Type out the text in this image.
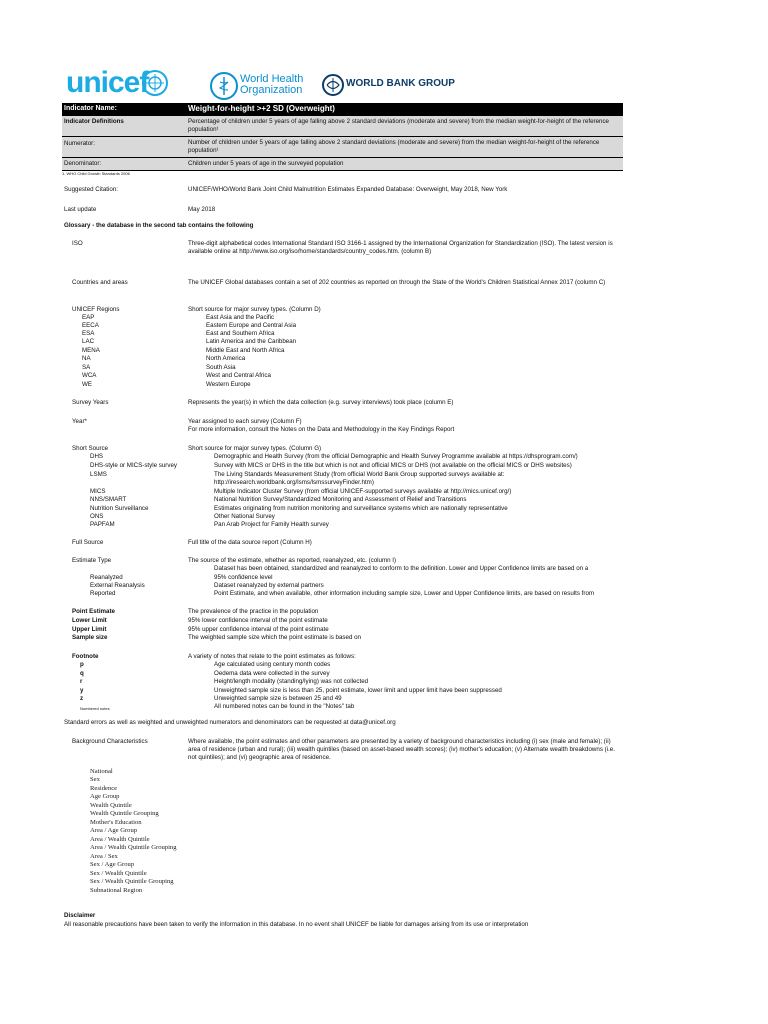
unicef	World Health
Organization
WORLD BANK GROUP
Indicator Name:	Weight-for-height >+2 SD (Overweight)
Indicator Definitions	Percentage of children under 5 years of age falling above 2 standard deviations (moderate and severe) from the median weight-for-height of the reference population¹
Numerator:	Number of children under 5 years of age falling above 2 standard deviations (moderate and severe) from the median weight-for-height of the reference population¹
Denominator:	Children under 5 years of age in the surveyed population
1. WHO Child Growth Standards 2006
Suggested Citation:	UNICEF/WHO/World Bank Joint Child Malnutrition Estimates Expanded Database: Overweight, May 2018, New York
Last update	May 2018
Glossary - the database in the second tab contains the following
ISO	Three-digit alphabetical codes International Standard ISO 3166-1 assigned by the International Organization for Standardization (ISO). The latest version is available online at http://www.iso.org/iso/home/standards/country_codes.htm. (column B)
Countries and areas	The UNICEF Global databases contain a set of 202 countries as reported on through the State of the World's Children Statistical Annex 2017 (column C)
UNICEF Regions	Short source for major survey types. (Column D)
EAP	East Asia and the Pacific
EECA	Eastern Europe and Central Asia
ESA	East and Southern Africa
LAC	Latin America and the Caribbean
MENA	Middle East and North Africa
NA	North America
SA	South Asia
WCA	West and Central Africa
WE	Western Europe
Survey Years	Represents the year(s) in which the data collection (e.g. survey interviews) took place (column E)
Year*	Year assigned to each survey (Column F)
For more information, consult the Notes on the Data and Methodology in the Key Findings Report
Short Source	Short source for major survey types. (Column G)
DHS	Demographic and Health Survey (from the official Demographic and Health Survey Programme available at https://dhsprogram.com/)
DHS-style or MICS-style survey	Survey with MICS or DHS in the title but which is not and official MICS or DHS (not available on the official MICS or DHS websites)
LSMS	The Living Standards Measurement Study (from official World Bank Group supported surveys available at:
http://iresearch.worldbank.org/lsms/lsmssurveyFinder.htm)
MICS	Multiple Indicator Cluster Survey (from official UNICEF-supported surveys available at http://mics.unicef.org/)
NNS/SMART	National Nutrition Survey/Standardized Monitoring and Assessment of Relief and Transitions
Nutrition Surveillance	Estimates originating from nutrition monitoring and surveillance systems which are nationally representative
ONS	Other National Survey
PAPFAM	Pan Arab Project for Family Health survey
Full Source	Full title of the data source report (Column H)
Estimate Type	The source of the estimate, whether as reported, reanalyzed, etc. (column I)
Dataset has been obtained, standardized and reanalyzed to conform to the definition. Lower and Upper Confidence limits are based on a
Reanalyzed	95% confidence level
External Reanalysis	Dataset reanalyzed by external partners
Reported	Point Estimate, and when available, other information including sample size, Lower and Upper Confidence limits, are based on results from
Point Estimate	The prevalence of the practice in the population
Lower Limit	95% lower confidence interval of the point estimate
Upper Limit	95% upper confidence interval of the point estimate
Sample size	The weighted sample size which the point estimate is based on
Footnote	A variety of notes that relate to the point estimates as follows:
p	Age calculated using century month codes
q	Oedema data were collected in the survey
r	Height/length modality (standing/lying) was not collected
y	Unweighted sample size is less than 25, point estimate, lower limit and upper limit have been suppressed
z	Unweighted sample size is between 25 and 49
Numbered notes	All numbered notes can be found in the "Notes" tab
Standard errors as well as weighted and unweighted numerators and denominators can be requested at data@unicef.org
Background Characteristics	Where available, the point estimates and other parameters are presented by a variety of background characteristics including (i) sex (male and female); (ii) area of residence (urban and rural); (iii) wealth quintiles (based on asset-based wealth scores); (iv) mother's education; (v) Alternate wealth breakdowns (i.e. not quintiles); and (vi) geographic area of residence.
National
Sex
Residence
Age Group
Wealth Quintile
Wealth Quintile Grouping
Mother's Education
Area / Age Group
Area / Wealth Quintile
Area / Wealth Quintile Grouping
Area / Sex
Sex / Age Group
Sex / Wealth Quintile
Sex / Wealth Quintile Grouping
Subnational Region
Disclaimer
All reasonable precautions have been taken to verify the information in this database. In no event shall UNICEF be liable for damages arising from its use or interpretation
